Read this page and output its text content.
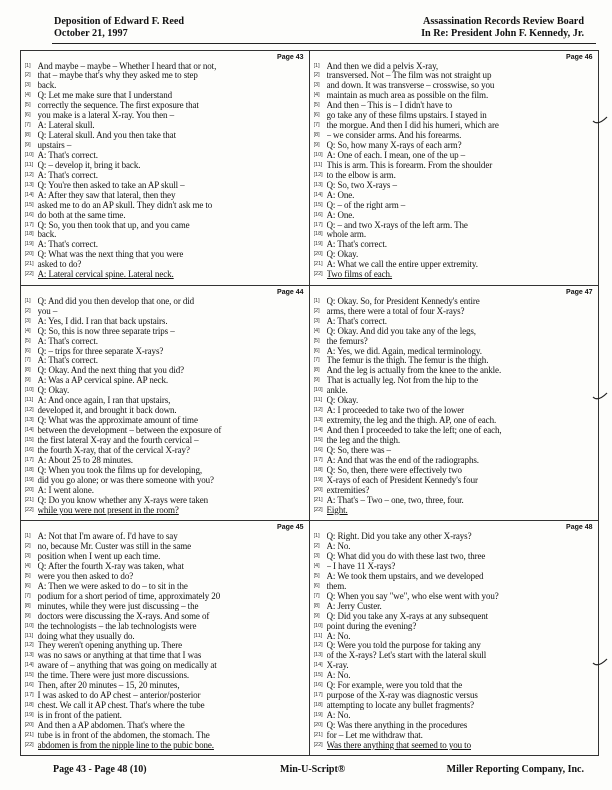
Deposition of Edward F. Reed
October 21, 1997
Assassination Records Review Board
In Re: President John F. Kennedy, Jr.
Page 43
[1] And maybe – maybe – Whether I heard that or not,
[2] that – maybe that's why they asked me to step
[3] back.
[4] Q: Let me make sure that I understand
[5] correctly the sequence. The first exposure that
[6] you make is a lateral X-ray. You then –
[7] A: Lateral skull.
[8] Q: Lateral skull. And you then take that
[9] upstairs –
[10] A: That's correct.
[11] Q: – develop it, bring it back.
[12] A: That's correct.
[13] Q: You're then asked to take an AP skull –
[14] A: After they saw that lateral, then they
[15] asked me to do an AP skull. They didn't ask me to
[16] do both at the same time.
[17] Q: So, you then took that up, and you came
[18] back.
[19] A: That's correct.
[20] Q: What was the next thing that you were
[21] asked to do?
[22] A: Lateral cervical spine. Lateral neck.
Page 46
[1] And then we did a pelvis X-ray,
[2] transversed. Not – The film was not straight up
[3] and down. It was transverse – crosswise, so you
[4] maintain as much area as possible on the film.
[5] And then – This is – I didn't have to
[6] go take any of these films upstairs. I stayed in
[7] the morgue. And then I did his humeri, which are
[8] – we consider arms. And his forearms.
[9] Q: So, how many X-rays of each arm?
[10] A: One of each. I mean, one of the up –
[11] This is arm. This is forearm. From the shoulder
[12] to the elbow is arm.
[13] Q: So, two X-rays –
[14] A: One.
[15] Q: – of the right arm –
[16] A: One.
[17] Q: – and two X-rays of the left arm. The
[18] whole arm.
[19] A: That's correct.
[20] Q: Okay.
[21] A: What we call the entire upper extremity.
[22] Two films of each.
Page 44
[1] Q: And did you then develop that one, or did
[2] you –
[3] A: Yes, I did. I ran that back upstairs.
[4] Q: So, this is now three separate trips –
[5] A: That's correct.
[6] Q: – trips for three separate X-rays?
[7] A: That's correct.
[8] Q: Okay. And the next thing that you did?
[9] A: Was a AP cervical spine. AP neck.
[10] Q: Okay.
[11] A: And once again, I ran that upstairs,
[12] developed it, and brought it back down.
[13] Q: What was the approximate amount of time
[14] between the development – between the exposure of
[15] the first lateral X-ray and the fourth cervical –
[16] the fourth X-ray, that of the cervical X-ray?
[17] A: About 25 to 28 minutes.
[18] Q: When you took the films up for developing,
[19] did you go alone; or was there someone with you?
[20] A: I went alone.
[21] Q: Do you know whether any X-rays were taken
[22] while you were not present in the room?
Page 47
[1] Q: Okay. So, for President Kennedy's entire
[2] arms, there were a total of four X-rays?
[3] A: That's correct.
[4] Q: Okay. And did you take any of the legs,
[5] the femurs?
[6] A: Yes, we did. Again, medical terminology.
[7] The femur is the thigh. The femur is the thigh.
[8] And the leg is actually from the knee to the ankle.
[9] That is actually leg. Not from the hip to the
[10] ankle.
[11] Q: Okay.
[12] A: I proceeded to take two of the lower
[13] extremity, the leg and the thigh. AP, one of each.
[14] And then I proceeded to take the left; one of each,
[15] the leg and the thigh.
[16] Q: So, there was –
[17] A: And that was the end of the radiographs.
[18] Q: So, then, there were effectively two
[19] X-rays of each of President Kennedy's four
[20] extremities?
[21] A: That's – Two – one, two, three, four.
[22] Eight.
Page 45
[1] A: Not that I'm aware of. I'd have to say
[2] no, because Mr. Custer was still in the same
[3] position when I went up each time.
[4] Q: After the fourth X-ray was taken, what
[5] were you then asked to do?
[6] A: Then we were asked to do – to sit in the
[7] podium for a short period of time, approximately 20
[8] minutes, while they were just discussing – the
[9] doctors were discussing the X-rays. And some of
[10] the technologists – the lab technologists were
[11] doing what they usually do.
[12] They weren't opening anything up. There
[13] was no saws or anything at that time that I was
[14] aware of – anything that was going on medically at
[15] the time. There were just more discussions.
[16] Then, after 20 minutes – 15, 20 minutes,
[17] I was asked to do AP chest – anterior/posterior
[18] chest. We call it AP chest. That's where the tube
[19] is in front of the patient.
[20] And then a AP abdomen. That's where the
[21] tube is in front of the abdomen, the stomach. The
[22] abdomen is from the nipple line to the pubic bone.
Page 48
[1] Q: Right. Did you take any other X-rays?
[2] A: No.
[3] Q: What did you do with these last two, three
[4] – I have 11 X-rays?
[5] A: We took them upstairs, and we developed
[6] them.
[7] Q: When you say "we", who else went with you?
[8] A: Jerry Custer.
[9] Q: Did you take any X-rays at any subsequent
[10] point during the evening?
[11] A: No.
[12] Q: Were you told the purpose for taking any
[13] of the X-rays? Let's start with the lateral skull
[14] X-ray.
[15] A: No.
[16] Q: For example, were you told that the
[17] purpose of the X-ray was diagnostic versus
[18] attempting to locate any bullet fragments?
[19] A: No.
[20] Q: Was there anything in the procedures
[21] for – Let me withdraw that.
[22] Was there anything that seemed to you to
Page 43 - Page 48 (10)	Min-U-Script®	Miller Reporting Company, Inc.
